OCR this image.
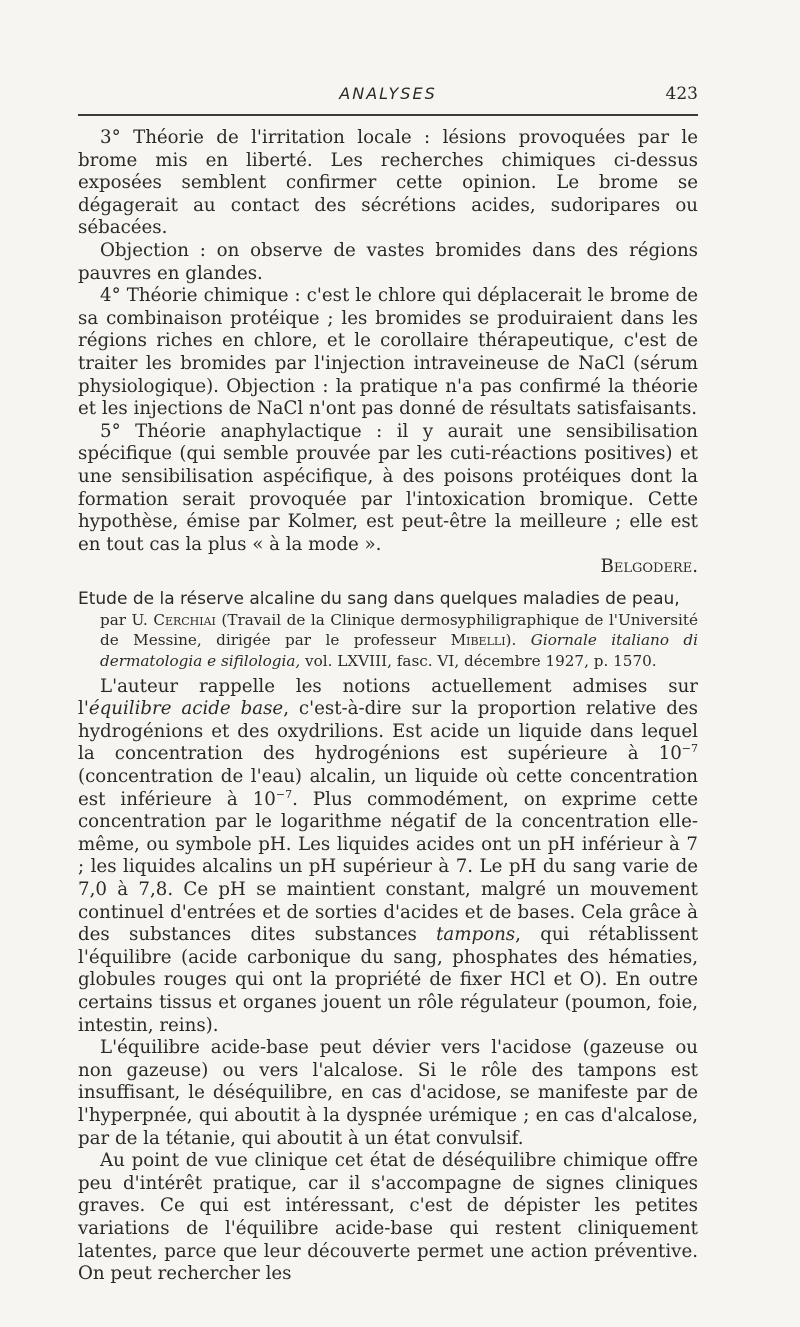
ANALYSES	423

3° Théorie de l'irritation locale : lésions provoquées par le brome mis en liberté. Les recherches chimiques ci-dessus exposées semblent confirmer cette opinion. Le brome se dégagerait au contact des sécrétions acides, sudoripares ou sébacées.

Objection : on observe de vastes bromides dans des régions pauvres en glandes.

4° Théorie chimique : c'est le chlore qui déplacerait le brome de sa combinaison protéique ; les bromides se produiraient dans les régions riches en chlore, et le corollaire thérapeutique, c'est de traiter les bromides par l'injection intraveineuse de NaCl (sérum physiologique). Objection : la pratique n'a pas confirmé la théorie et les injections de NaCl n'ont pas donné de résultats satisfaisants.

5° Théorie anaphylactique : il y aurait une sensibilisation spécifique (qui semble prouvée par les cuti-réactions positives) et une sensibilisation aspécifique, à des poisons protéiques dont la formation serait provoquée par l'intoxication bromique. Cette hypothèse, émise par Kolmer, est peut-être la meilleure ; elle est en tout cas la plus « à la mode ».

Belgodere.

Etude de la réserve alcaline du sang dans quelques maladies de peau,
par U. Cerchiai (Travail de la Clinique dermosyphiligraphique de l'Université de Messine, dirigée par le professeur Mibelli). Giornale italiano di dermatologia e sifilologia, vol. LXVIII, fasc. VI, décembre 1927, p. 1570.

L'auteur rappelle les notions actuellement admises sur l'équilibre acide base, c'est-à-dire sur la proportion relative des hydrogénions et des oxydrilions. Est acide un liquide dans lequel la concentration des hydrogénions est supérieure à $10^{-7}$ (concentration de l'eau) alcalin, un liquide où cette concentration est inférieure à $10^{-7}$. Plus commodément, on exprime cette concentration par le logarithme négatif de la concentration elle-même, ou symbole pH. Les liquides acides ont un pH inférieur à 7 ; les liquides alcalins un pH supérieur à 7. Le pH du sang varie de 7,0 à 7,8. Ce pH se maintient constant, malgré un mouvement continuel d'entrées et de sorties d'acides et de bases. Cela grâce à des substances dites substances tampons, qui rétablissent l'équilibre (acide carbonique du sang, phosphates des hématies, globules rouges qui ont la propriété de fixer HCl et O). En outre certains tissus et organes jouent un rôle régulateur (poumon, foie, intestin, reins).

L'équilibre acide-base peut dévier vers l'acidose (gazeuse ou non gazeuse) ou vers l'alcalose. Si le rôle des tampons est insuffisant, le déséquilibre, en cas d'acidose, se manifeste par de l'hyperpnée, qui aboutit à la dyspnée urémique ; en cas d'alcalose, par de la tétanie, qui aboutit à un état convulsif.

Au point de vue clinique cet état de déséquilibre chimique offre peu d'intérêt pratique, car il s'accompagne de signes cliniques graves. Ce qui est intéressant, c'est de dépister les petites variations de l'équilibre acide-base qui restent cliniquement latentes, parce que leur découverte permet une action préventive. On peut rechercher les
